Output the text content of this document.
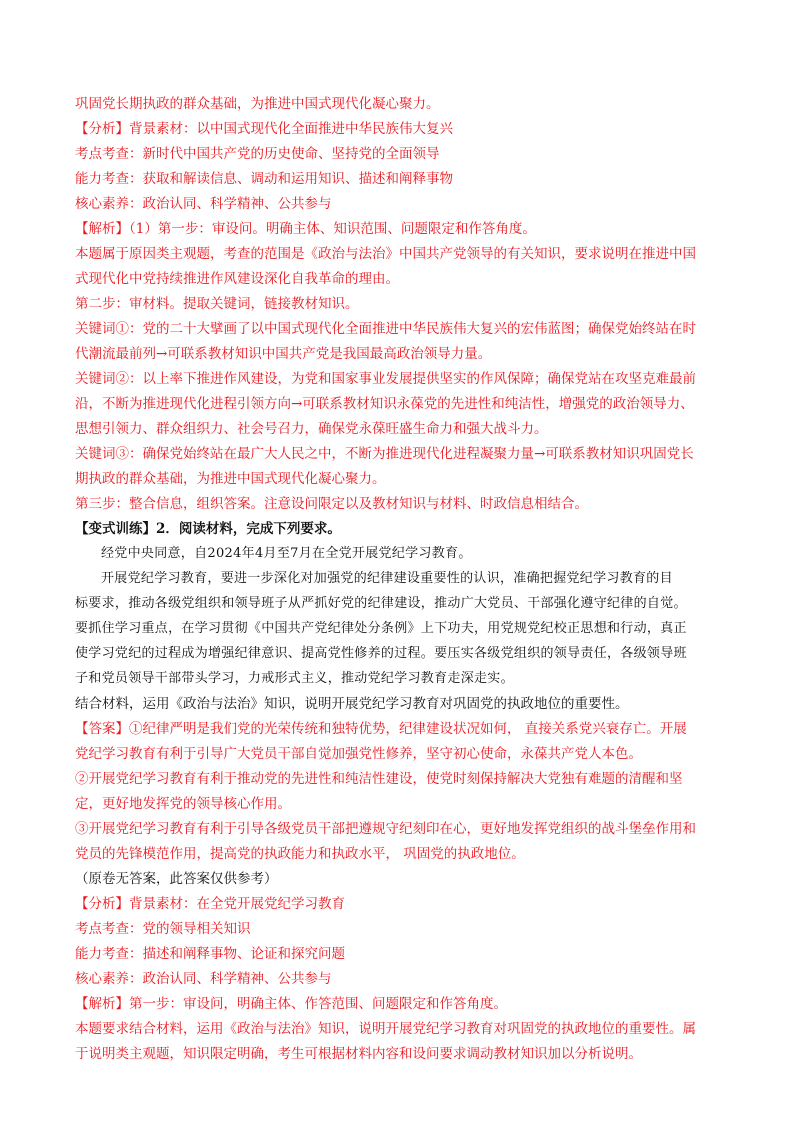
巩固党长期执政的群众基础，为推进中国式现代化凝心聚力。
【分析】背景素材：以中国式现代化全面推进中华民族伟大复兴
考点考查：新时代中国共产党的历史使命、坚持党的全面领导
能力考查：获取和解读信息、调动和运用知识、描述和阐释事物
核心素养：政治认同、科学精神、公共参与
【解析】（1）第一步：审设问。明确主体、知识范围、问题限定和作答角度。
本题属于原因类主观题，考查的范围是《政治与法治》中国共产党领导的有关知识，要求说明在推进中国
式现代化中党持续推进作风建设深化自我革命的理由。
第二步：审材料。提取关键词，链接教材知识。
关键词①：党的二十大擘画了以中国式现代化全面推进中华民族伟大复兴的宏伟蓝图；确保党始终站在时
代潮流最前列→可联系教材知识中国共产党是我国最高政治领导力量。
关键词②：以上率下推进作风建设，为党和国家事业发展提供坚实的作风保障；确保党站在攻坚克难最前
沿，不断为推进现代化进程引领方向→可联系教材知识永葆党的先进性和纯洁性，增强党的政治领导力、
思想引领力、群众组织力、社会号召力，确保党永葆旺盛生命力和强大战斗力。
关键词③：确保党始终站在最广大人民之中，不断为推进现代化进程凝聚力量→可联系教材知识巩固党长
期执政的群众基础，为推进中国式现代化凝心聚力。
第三步：整合信息，组织答案。注意设问限定以及教材知识与材料、时政信息相结合。
【变式训练】2．阅读材料，完成下列要求。
经党中央同意，自2024年4月至7月在全党开展党纪学习教育。
开展党纪学习教育，要进一步深化对加强党的纪律建设重要性的认识，准确把握党纪学习教育的目
标要求，推动各级党组织和领导班子从严抓好党的纪律建设，推动广大党员、干部强化遵守纪律的自觉。
要抓住学习重点，在学习贯彻《中国共产党纪律处分条例》上下功夫，用党规党纪校正思想和行动，真正
使学习党纪的过程成为增强纪律意识、提高党性修养的过程。要压实各级党组织的领导责任，各级领导班
子和党员领导干部带头学习，力戒形式主义，推动党纪学习教育走深走实。
结合材料，运用《政治与法治》知识，说明开展党纪学习教育对巩固党的执政地位的重要性。
【答案】①纪律严明是我们党的光荣传统和独特优势，纪律建设状况如何， 直接关系党兴衰存亡。开展
党纪学习教育有利于引导广大党员干部自觉加强党性修养，坚守初心使命，永葆共产党人本色。
②开展党纪学习教育有利于推动党的先进性和纯洁性建设，使党时刻保持解决大党独有难题的清醒和坚
定，更好地发挥党的领导核心作用。
③开展党纪学习教育有利于引导各级党员干部把遵规守纪刻印在心，更好地发挥党组织的战斗堡垒作用和
党员的先锋模范作用，提高党的执政能力和执政水平， 巩固党的执政地位。
（原卷无答案，此答案仅供参考）
【分析】背景素材：在全党开展党纪学习教育
考点考查：党的领导相关知识
能力考查：描述和阐释事物、论证和探究问题
核心素养：政治认同、科学精神、公共参与
【解析】第一步：审设问，明确主体、作答范围、问题限定和作答角度。
本题要求结合材料，运用《政治与法治》知识，说明开展党纪学习教育对巩固党的执政地位的重要性。属
于说明类主观题，知识限定明确，考生可根据材料内容和设问要求调动教材知识加以分析说明。
